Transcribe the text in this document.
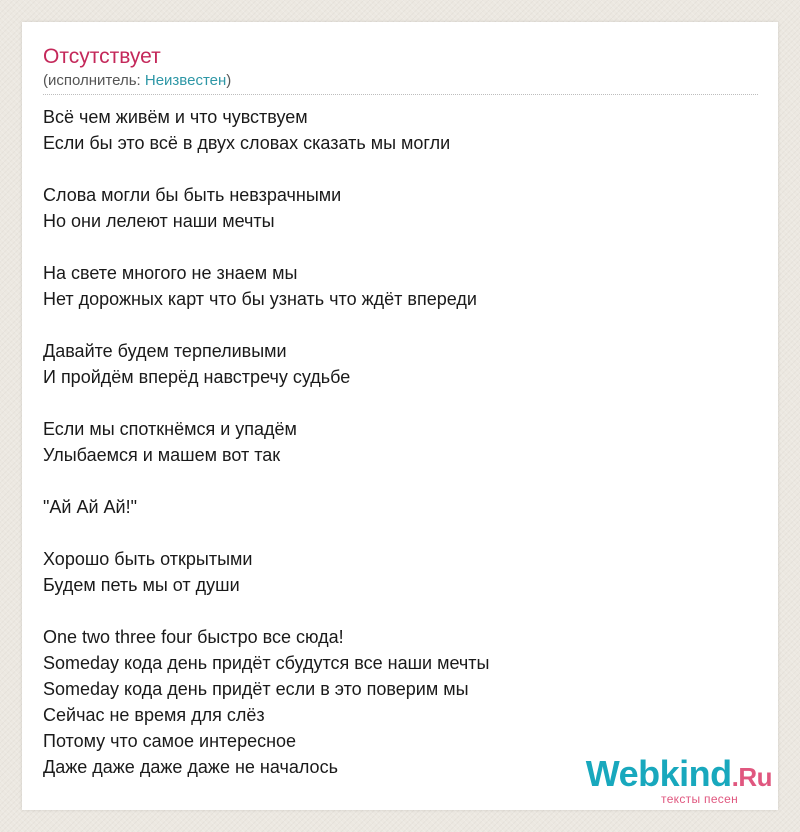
Отсутствует
(исполнитель: Неизвестен)
Всё чем живём и что чувствуем
Если бы это всё в двух словах сказать мы могли
Слова могли бы быть невзрачными
Но они лелеют наши мечты
На свете многого не знаем мы
Нет дорожных карт что бы узнать что ждёт впереди
Давайте будем терпеливыми
И пройдём вперёд навстречу судьбе
Если мы споткнёмся и упадём
Улыбаемся и машем вот так
"Ай Ай Ай!"
Хорошо быть открытыми
Будем петь мы от души
One two three four быстро все сюда!
Someday кода день придёт сбудутся все наши мечты
Someday кода день придёт если в это поверим мы
Сейчас не время для слёз
Потому что самое интересное
Даже даже даже даже не началось	Webkind.Ru
тексты песен
